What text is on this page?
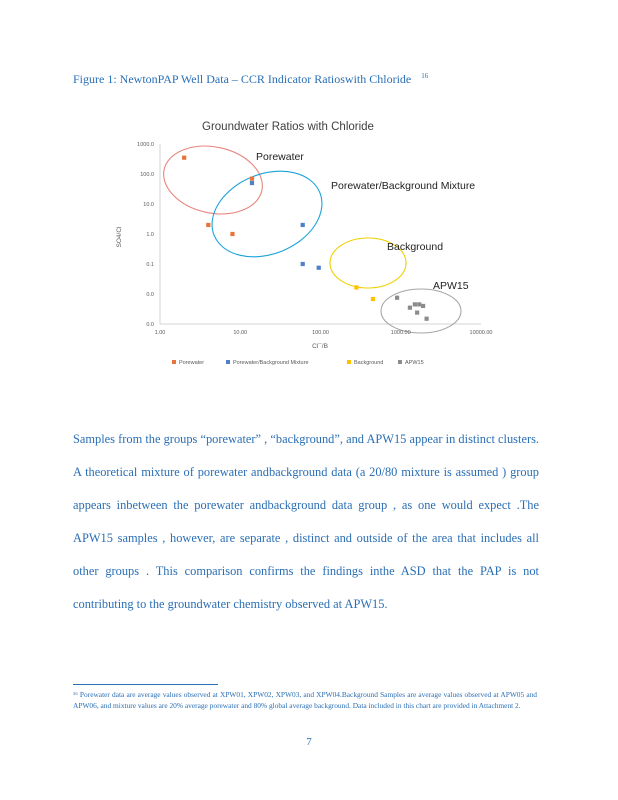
Figure 1: NewtonPAP Well Data – CCR Indicator Ratioswith Chloride $^{16}$
Groundwater Ratios with Chloride
1000.0
100.0
10.0
1.0
0.1
0.0
0.0
1.00	10.00	100.00	1000.00	10000.00
Porewater
Porewater/Background Mixture
Background
APW15
Cl¯/B
SO4/Cl
Porewater	Porewater/Background Mixture	Background	APW15

Samples from the groups “porewater” , “background”, and APW15 appear in distinct clusters. A theoretical mixture of porewater andbackground data (a 20/80 mixture is assumed ) group appears inbetween the porewater andbackground data group , as one would expect .The APW15 samples , however, are separate , distinct and outside of the area that includes all other groups . This comparison confirms the findings inthe ASD that the PAP is not contributing to the groundwater chemistry observed at APW15.

¹⁶ Porewater data are average values observed at XPW01, XPW02, XPW03, and XPW04.Background Samples are average values observed at APW05 and APW06, and mixture values are 20% average porewater and 80% global average background. Data included in this chart are provided in Attachment 2.
7
